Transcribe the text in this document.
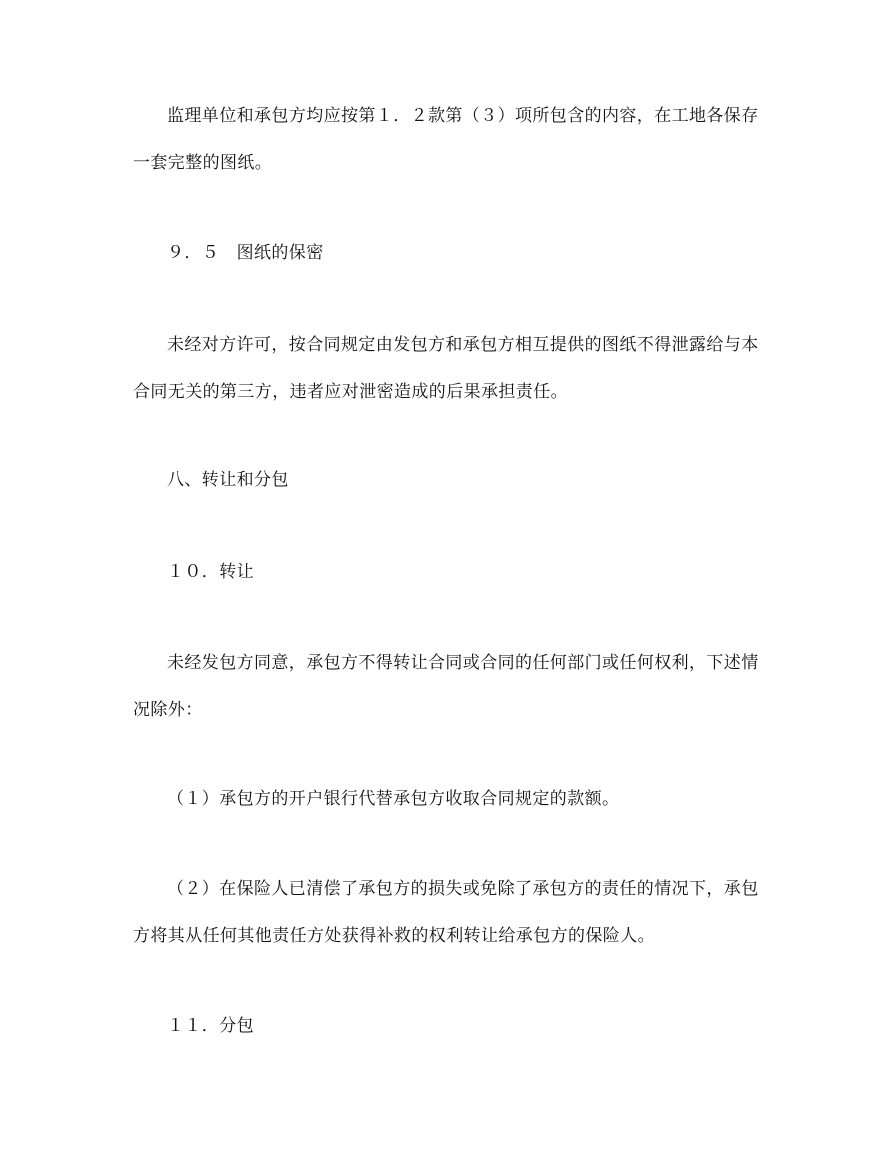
监理单位和承包方均应按第１．２款第（３）项所包含的内容，在工地各保存
一套完整的图纸。

９．５　图纸的保密

未经对方许可，按合同规定由发包方和承包方相互提供的图纸不得泄露给与本
合同无关的第三方，违者应对泄密造成的后果承担责任。

八、转让和分包

１０．转让

未经发包方同意，承包方不得转让合同或合同的任何部门或任何权利，下述情
况除外：

（１）承包方的开户银行代替承包方收取合同规定的款额。

（２）在保险人已清偿了承包方的损失或免除了承包方的责任的情况下，承包
方将其从任何其他责任方处获得补救的权利转让给承包方的保险人。

１１．分包
